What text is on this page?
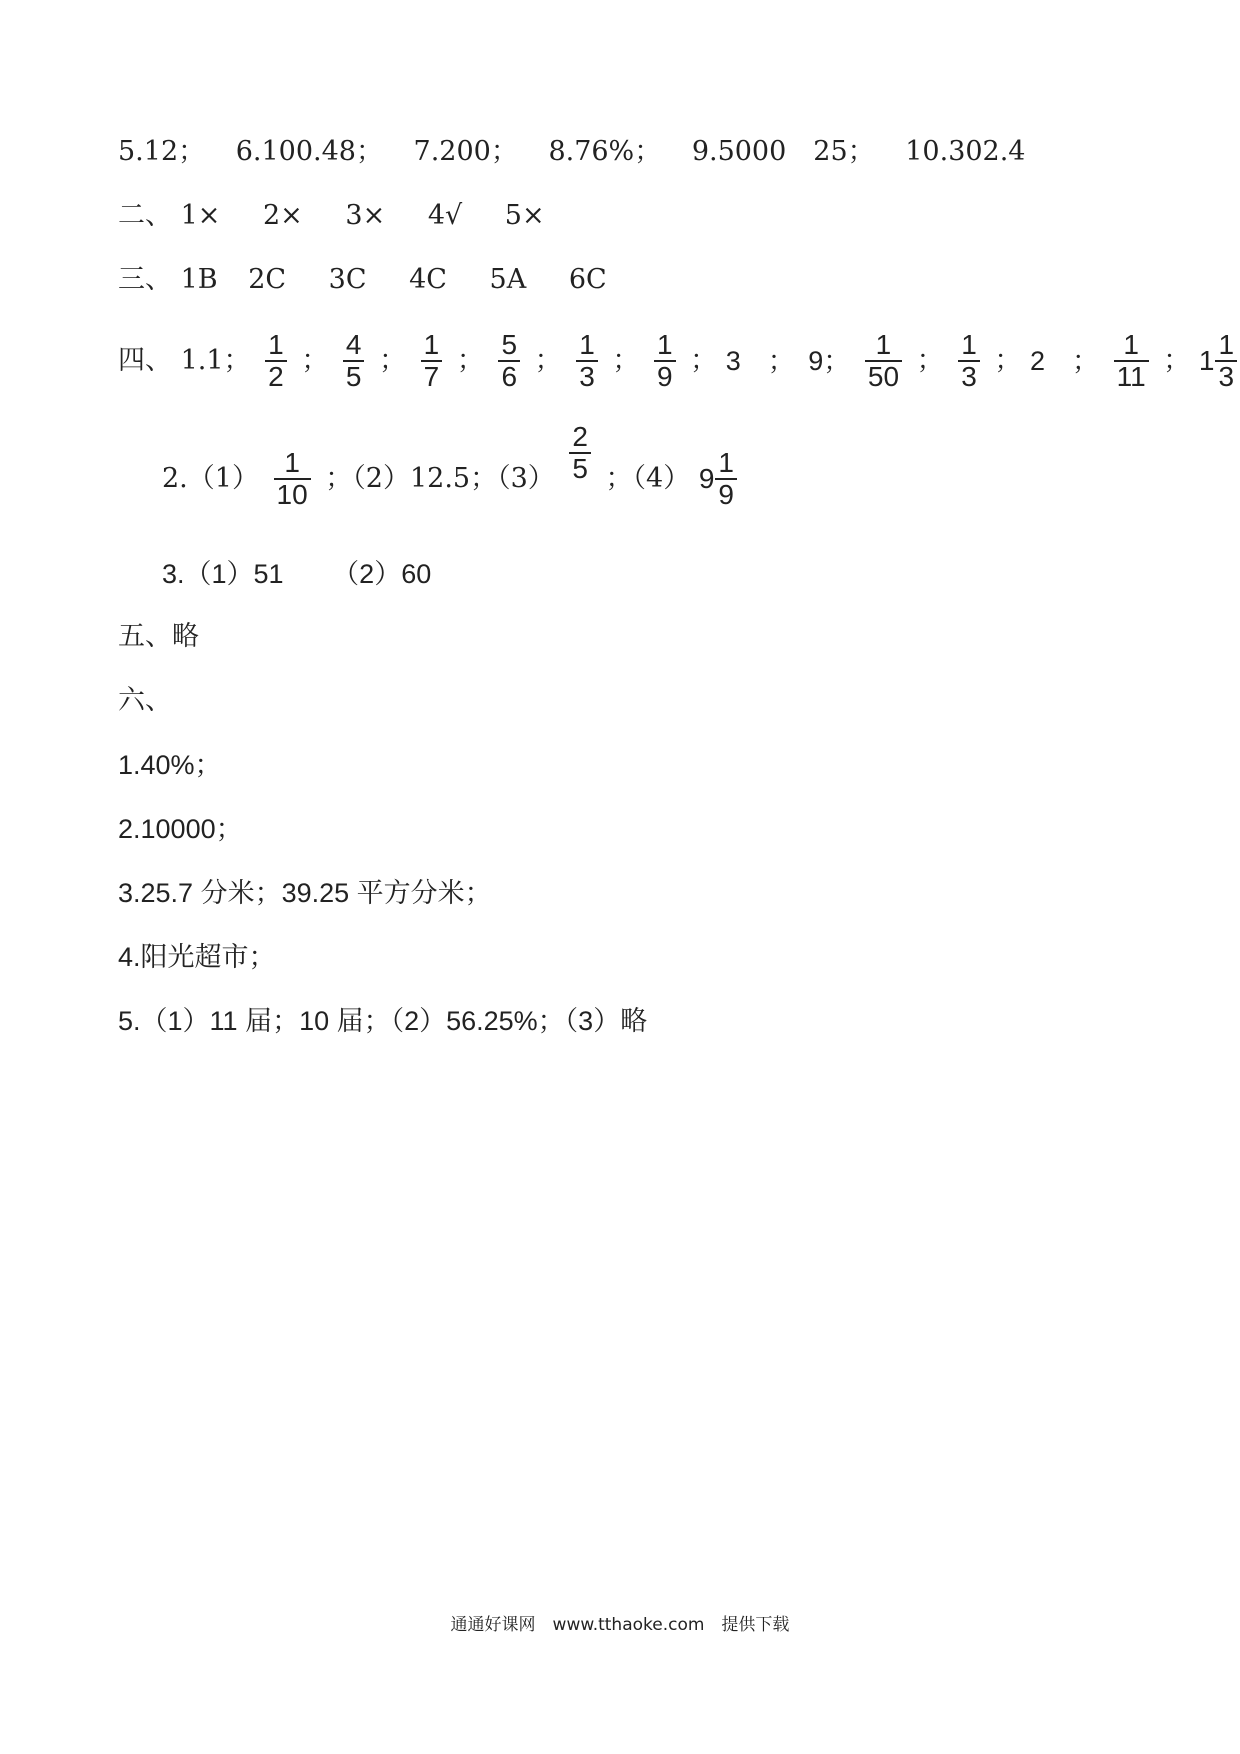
5.12； 6.100.48； 7.200； 8.76%； 9.5000　25； 10.302.4
二、 1× 2× 3× 4√ 5×
三、 1B 2C 3C 4C 5A 6C
四、 1.1； $\frac{1}{2}$ ； $\frac{4}{5}$ ； $\frac{1}{7}$ ； $\frac{5}{6}$ ； $\frac{1}{3}$ ； $\frac{1}{9}$ ； 3　；　9； $\frac{1}{50}$ ； $\frac{1}{3}$ ； 2　； $\frac{1}{11}$ ； $1 \frac{1}{3}$
$2.(1) \frac{1}{10}$ ；（2）12.5；$(3) \frac{2}{5}$ ；（4） $9 \frac{1}{9}$
3.（1）51 （2）60
五、略
六、
1.40%；
2.10000；
3.25.7 分米；39.25 平方分米；
4.阳光超市；
5.（1）11 届；10 届；（2）56.25%；（3）略
通通好课网　www.tthaoke.com　提供下载
